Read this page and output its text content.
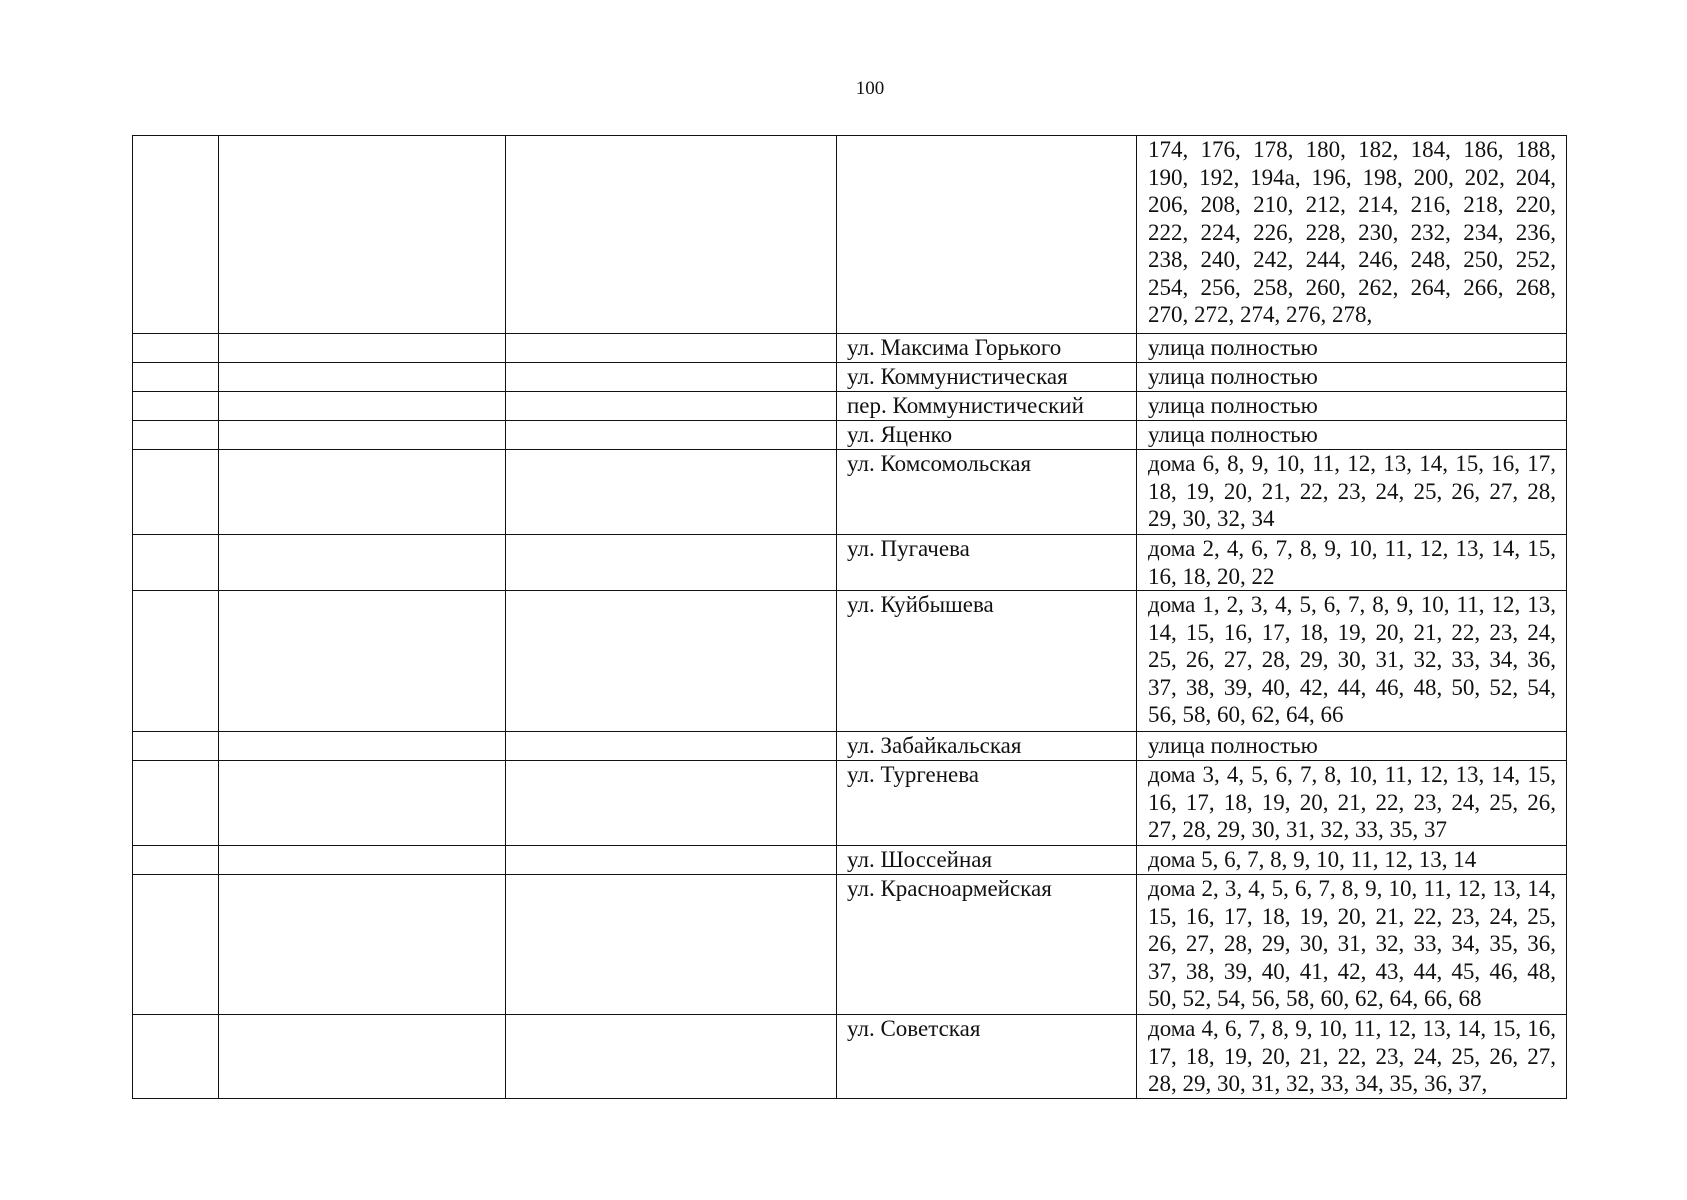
100
				174, 176, 178, 180, 182, 184, 186, 188, 190, 192, 194а, 196, 198, 200, 202, 204, 206, 208, 210, 212, 214, 216, 218, 220, 222, 224, 226, 228, 230, 232, 234, 236, 238, 240, 242, 244, 246, 248, 250, 252, 254, 256, 258, 260, 262, 264, 266, 268, 270, 272, 274, 276, 278,
			ул. Максима Горького	улица полностью
			ул. Коммунистическая	улица полностью
			пер. Коммунистический	улица полностью
			ул. Яценко	улица полностью
			ул. Комсомольская	дома 6, 8, 9, 10, 11, 12, 13, 14, 15, 16, 17, 18, 19, 20, 21, 22, 23, 24, 25, 26, 27, 28, 29, 30, 32, 34
			ул. Пугачева	дома 2, 4, 6, 7, 8, 9, 10, 11, 12, 13, 14, 15, 16, 18, 20, 22
			ул. Куйбышева	дома 1, 2, 3, 4, 5, 6, 7, 8, 9, 10, 11, 12, 13, 14, 15, 16, 17, 18, 19, 20, 21, 22, 23, 24, 25, 26, 27, 28, 29, 30, 31, 32, 33, 34, 36, 37, 38, 39, 40, 42, 44, 46, 48, 50, 52, 54, 56, 58, 60, 62, 64, 66
			ул. Забайкальская	улица полностью
			ул. Тургенева	дома 3, 4, 5, 6, 7, 8, 10, 11, 12, 13, 14, 15, 16, 17, 18, 19, 20, 21, 22, 23, 24, 25, 26, 27, 28, 29, 30, 31, 32, 33, 35, 37
			ул. Шоссейная	дома 5, 6, 7, 8, 9, 10, 11, 12, 13, 14
			ул. Красноармейская	дома 2, 3, 4, 5, 6, 7, 8, 9, 10, 11, 12, 13, 14, 15, 16, 17, 18, 19, 20, 21, 22, 23, 24, 25, 26, 27, 28, 29, 30, 31, 32, 33, 34, 35, 36, 37, 38, 39, 40, 41, 42, 43, 44, 45, 46, 48, 50, 52, 54, 56, 58, 60, 62, 64, 66, 68
			ул. Советская	дома 4, 6, 7, 8, 9, 10, 11, 12, 13, 14, 15, 16, 17, 18, 19, 20, 21, 22, 23, 24, 25, 26, 27, 28, 29, 30, 31, 32, 33, 34, 35, 36, 37,
